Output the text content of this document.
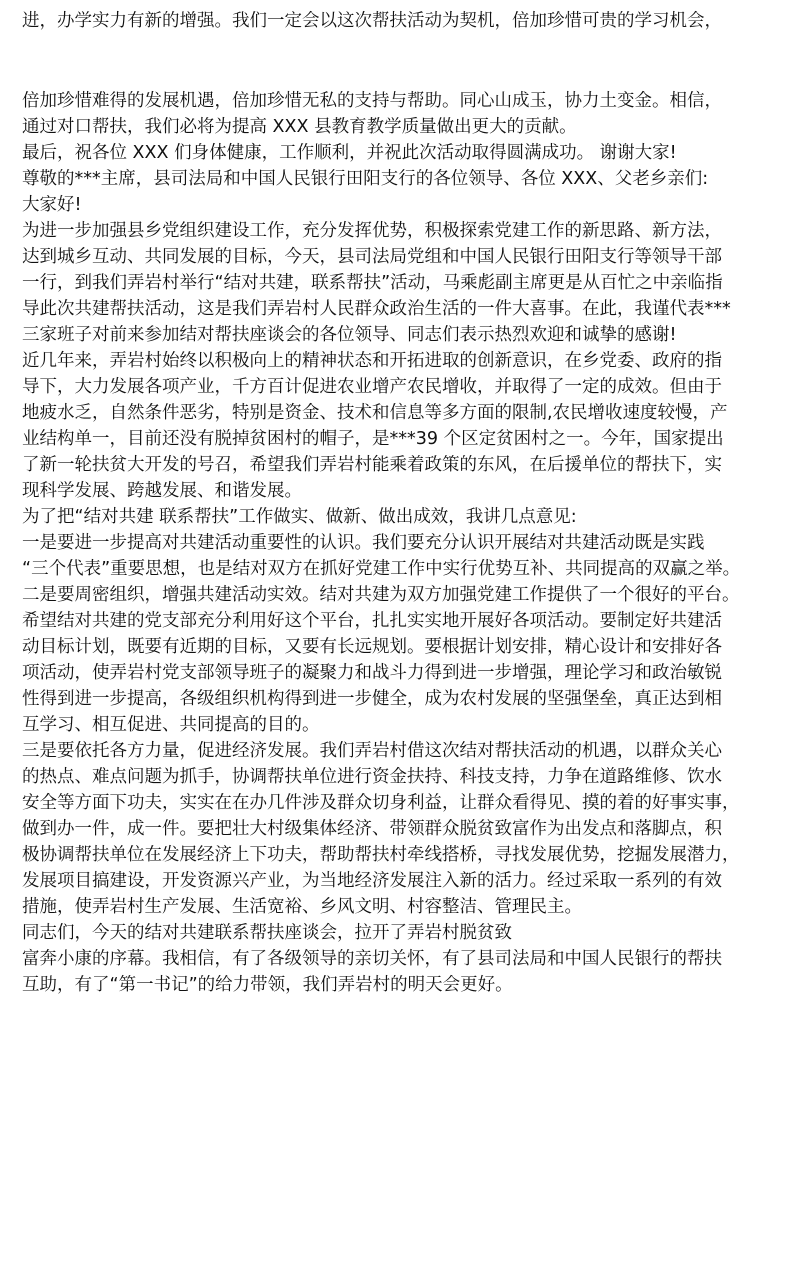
进，办学实力有新的增强。我们一定会以这次帮扶活动为契机，倍加珍惜可贵的学习机会，
倍加珍惜难得的发展机遇，倍加珍惜无私的支持与帮助。同心山成玉，协力土变金。相信，
通过对口帮扶，我们必将为提高 XXX 县教育教学质量做出更大的贡献。
最后，祝各位 XXX 们身体健康，工作顺利，并祝此次活动取得圆满成功。 谢谢大家!
尊敬的***主席，县司法局和中国人民银行田阳支行的各位领导、各位 XXX、父老乡亲们:
大家好!
为进一步加强县乡党组织建设工作，充分发挥优势，积极探索党建工作的新思路、新方法，
达到城乡互动、共同发展的目标，今天，县司法局党组和中国人民银行田阳支行等领导干部
一行，到我们弄岩村举行“结对共建，联系帮扶”活动，马乘彪副主席更是从百忙之中亲临指
导此次共建帮扶活动，这是我们弄岩村人民群众政治生活的一件大喜事。在此，我谨代表***
三家班子对前来参加结对帮扶座谈会的各位领导、同志们表示热烈欢迎和诚挚的感谢!
近几年来，弄岩村始终以积极向上的精神状态和开拓进取的创新意识，在乡党委、政府的指
导下，大力发展各项产业，千方百计促进农业增产农民增收，并取得了一定的成效。但由于
地疲水乏，自然条件恶劣，特别是资金、技术和信息等多方面的限制,农民增收速度较慢，产
业结构单一，目前还没有脱掉贫困村的帽子，是***39 个区定贫困村之一。今年，国家提出
了新一轮扶贫大开发的号召，希望我们弄岩村能乘着政策的东风，在后援单位的帮扶下，实
现科学发展、跨越发展、和谐发展。
为了把“结对共建 联系帮扶”工作做实、做新、做出成效，我讲几点意见:
一是要进一步提高对共建活动重要性的认识。我们要充分认识开展结对共建活动既是实践
“三个代表”重要思想，也是结对双方在抓好党建工作中实行优势互补、共同提高的双赢之举。
二是要周密组织，增强共建活动实效。结对共建为双方加强党建工作提供了一个很好的平台。
希望结对共建的党支部充分利用好这个平台，扎扎实实地开展好各项活动。要制定好共建活
动目标计划，既要有近期的目标，又要有长远规划。要根据计划安排，精心设计和安排好各
项活动，使弄岩村党支部领导班子的凝聚力和战斗力得到进一步增强，理论学习和政治敏锐
性得到进一步提高，各级组织机构得到进一步健全，成为农村发展的坚强堡垒，真正达到相
互学习、相互促进、共同提高的目的。
三是要依托各方力量，促进经济发展。我们弄岩村借这次结对帮扶活动的机遇，以群众关心
的热点、难点问题为抓手，协调帮扶单位进行资金扶持、科技支持，力争在道路维修、饮水
安全等方面下功夫，实实在在办几件涉及群众切身利益，让群众看得见、摸的着的好事实事，
做到办一件，成一件。要把壮大村级集体经济、带领群众脱贫致富作为出发点和落脚点，积
极协调帮扶单位在发展经济上下功夫，帮助帮扶村牵线搭桥，寻找发展优势，挖掘发展潜力，
发展项目搞建设，开发资源兴产业，为当地经济发展注入新的活力。经过采取一系列的有效
措施，使弄岩村生产发展、生活宽裕、乡风文明、村容整洁、管理民主。
同志们，今天的结对共建联系帮扶座谈会，拉开了弄岩村脱贫致
富奔小康的序幕。我相信，有了各级领导的亲切关怀，有了县司法局和中国人民银行的帮扶
互助，有了“第一书记”的给力带领，我们弄岩村的明天会更好。
